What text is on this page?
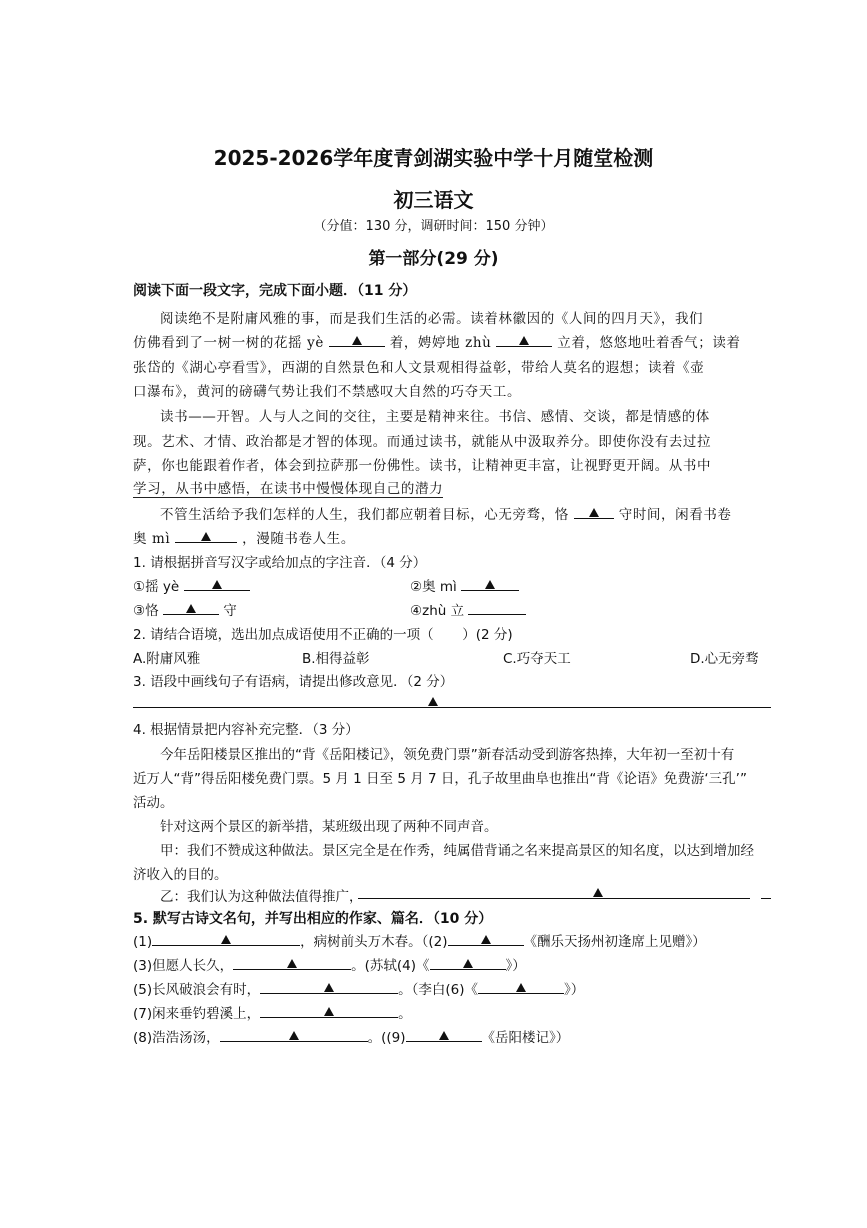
2025-2026学年度青剑湖实验中学十月随堂检测
初三语文
（分值：130 分，调研时间：150 分钟）
第一部分(29 分)
阅读下面一段文字，完成下面小题．（11 分）
阅读绝不是附庸风雅的事，而是我们生活的必需。读着林徽因的《人间的四月天》，我们
仿佛看到了一树一树的花摇 yè	着，娉婷地 zhù	立着，悠悠地吐着香气；读着
张岱的《湖心亭看雪》，西湖的自然景色和人文景观相得益彰，带给人莫名的遐想；读着《壶
口瀑布》，黄河的磅礴气势让我们不禁感叹大自然的巧夺天工。
读书——开智。人与人之间的交往，主要是精神来往。书信、感情、交谈，都是情感的体
现。艺术、才情、政治都是才智的体现。而通过读书，就能从中汲取养分。即使你没有去过拉
萨，你也能跟着作者，体会到拉萨那一份佛性。读书，让精神更丰富，让视野更开阔。从书中
学习，从书中感悟，在读书中慢慢体现自己的潜力
不管生活给予我们怎样的人生，我们都应朝着目标，心无旁骛，恪	守时间，闲看书卷
奥 mì	，漫随书卷人生。
1. 请根据拼音写汉字或给加点的字注音．（4 分）
①摇 yè	②奥 mì
③恪	守	④zhù 立
2. 请结合语境，选出加点成语使用不正确的一项（ ）(2 分)
A.附庸风雅	B.相得益彰	C.巧夺天工	D.心无旁骛
3. 语段中画线句子有语病，请提出修改意见．（2 分）
4. 根据情景把内容补充完整．（3 分）
今年岳阳楼景区推出的“背《岳阳楼记》，领免费门票”新春活动受到游客热捧，大年初一至初十有
近万人“背”得岳阳楼免费门票。5 月 1 日至 5 月 7 日，孔子故里曲阜也推出“背《论语》免费游‘三孔’”
活动。
针对这两个景区的新举措，某班级出现了两种不同声音。
甲：我们不赞成这种做法。景区完全是在作秀，纯属借背诵之名来提高景区的知名度，以达到增加经
济收入的目的。
乙：我们认为这种做法值得推广，
5. 默写古诗文名句，并写出相应的作家、篇名．（10 分）
(1)	，病树前头万木春。（(2)	《酬乐天扬州初逢席上见赠》）
(3)但愿人长久，	。(苏轼(4)《	》）
(5)长风破浪会有时，	。（李白(6)《	》）
(7)闲来垂钓碧溪上，	。
(8)浩浩汤汤，	。((9)	《岳阳楼记》）
